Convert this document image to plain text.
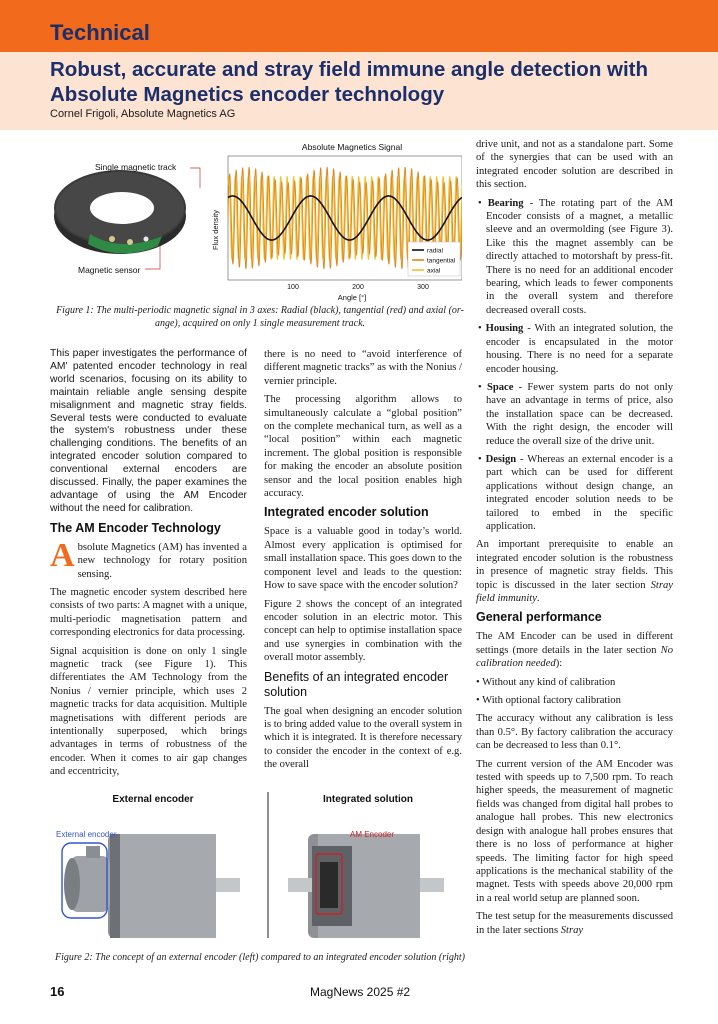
Technical
Robust, accurate and stray field immune angle detection with Absolute Magnetics encoder technology
Cornel Frigoli, Absolute Magnetics AG
Single magnetic track
Magnetic sensor
Absolute Magnetics Signal
Flux density
100	200	300
radial
tangential
axial
Angle [°]
Figure 1: The multi-periodic magnetic signal in 3 axes: Radial (black), tangential (red) and axial (or-ange), acquired on only 1 single measurement track.

This paper investigates the performance of AM' patented encoder technology in real world scenarios, focusing on its ability to maintain reliable angle sensing despite misalignment and magnetic stray fields. Several tests were conducted to evaluate the system's robustness under these challenging conditions. The benefits of an integrated encoder solution compared to conventional external encoders are discussed. Finally, the paper examines the advantage of using the AM Encoder without the need for calibration.

The AM Encoder Technology

Absolute Magnetics (AM) has invented a new technology for rotary position sensing.

The magnetic encoder system described here consists of two parts: A magnet with a unique, multi-periodic magnetisation pattern and corresponding electronics for data processing.

Signal acquisition is done on only 1 single magnetic track (see Figure 1). This differentiates the AM Technology from the Nonius / vernier principle, which uses 2 magnetic tracks for data acquisition. Multiple magnetisations with different periods are intentionally superposed, which brings advantages in terms of robustness of the encoder. When it comes to air gap changes and eccentricity,

there is no need to “avoid interference of different magnetic tracks” as with the Nonius / vernier principle.

The processing algorithm allows to simultaneously calculate a “global position” on the complete mechanical turn, as well as a “local position” within each magnetic increment. The global position is responsible for making the encoder an absolute position sensor and the local position enables high accuracy.

Integrated encoder solution

Space is a valuable good in today’s world. Almost every application is optimised for small installation space. This goes down to the component level and leads to the question: How to save space with the encoder solution?

Figure 2 shows the concept of an integrated encoder solution in an electric motor. This concept can help to optimise installation space and use synergies in combination with the overall motor assembly.

Benefits of an integrated encoder solution

The goal when designing an encoder solution is to bring added value to the overall system in which it is integrated. It is therefore necessary to consider the encoder in the context of e.g. the overall

drive unit, and not as a standalone part. Some of the synergies that can be used with an integrated encoder solution are described in this section.

• Bearing - The rotating part of the AM Encoder consists of a magnet, a metallic sleeve and an overmolding (see Figure 3). Like this the magnet assembly can be directly attached to motorshaft by press-fit. There is no need for an additional encoder bearing, which leads to fewer components in the overall system and therefore decreased overall costs.

• Housing - With an integrated solution, the encoder is encapsulated in the motor housing. There is no need for a separate encoder housing.

• Space - Fewer system parts do not only have an advantage in terms of price, also the installation space can be decreased. With the right design, the encoder will reduce the overall size of the drive unit.

• Design - Whereas an external encoder is a part which can be used for different applications without design change, an integrated encoder solution needs to be tailored to embed in the specific application.

An important prerequisite to enable an integrated encoder solution is the robustness in presence of magnetic stray fields. This topic is discussed in the later section Stray field immunity.

General performance

The AM Encoder can be used in different settings (more details in the later section No calibration needed):

• Without any kind of calibration

• With optional factory calibration

The accuracy without any calibration is less than 0.5°. By factory calibration the accuracy can be decreased to less than 0.1°.

The current version of the AM Encoder was tested with speeds up to 7,500 rpm. To reach higher speeds, the measurement of magnetic fields was changed from digital hall probes to analogue hall probes. This new electronics design with analogue hall probes ensures that there is no loss of performance at higher speeds. The limiting factor for high speed applications is the mechanical stability of the magnet. Tests with speeds above 20,000 rpm in a real world setup are planned soon.

The test setup for the measurements discussed in the later sections Stray

External encoder	Integrated solution
External encoder	AM Encoder
Figure 2: The concept of an external encoder (left) compared to an integrated encoder solution (right)
16	MagNews 2025 #2
